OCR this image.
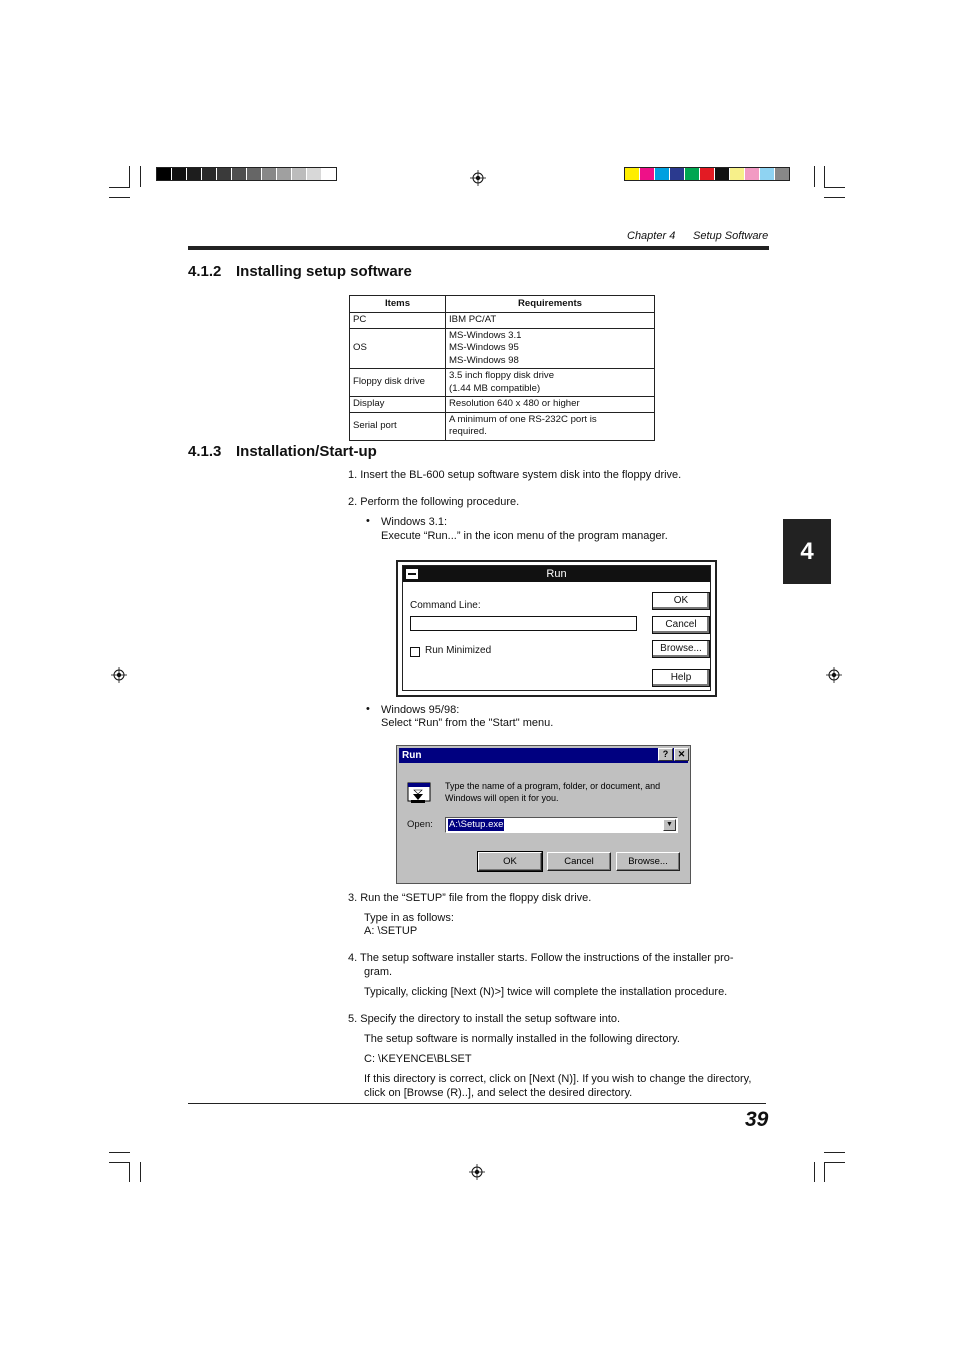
Chapter 4 Setup Software
4.1.2 Installing setup software
Items	Requirements
PC	IBM PC/AT

OS	MS-Windows 3.1
MS-Windows 95
MS-Windows 98

Floppy disk drive	3.5 inch floppy disk drive
(1.44 MB compatible)

Display	Resolution 640 x 480 or higher

Serial port	A minimum of one RS-232C port is
required.
4.1.3 Installation/Start-up
1. Insert the BL-600 setup software system disk into the floppy drive.
2. Perform the following procedure.
• Windows 3.1:
Execute “Run...” in the icon menu of the program manager.
Run
Command Line:
Run Minimized
OK
Cancel
Browse...
Help
• Windows 95/98:
Select “Run” from the "Start" menu.
Run	?	✕
Type the name of a program, folder, or document, and
Windows will open it for you.
Open: A:\Setup.exe	▼
OK	Cancel	Browse...
3. Run the “SETUP” file from the floppy disk drive.
Type in as follows:
A: \SETUP
4. The setup software installer starts. Follow the instructions of the installer pro-
gram.
Typically, clicking [Next (N)>] twice will complete the installation procedure.
5. Specify the directory to install the setup software into.
The setup software is normally installed in the following directory.
C: \KEYENCE\BLSET
If this directory is correct, click on [Next (N)]. If you wish to change the directory,
click on [Browse (R)..], and select the desired directory.
4
39
